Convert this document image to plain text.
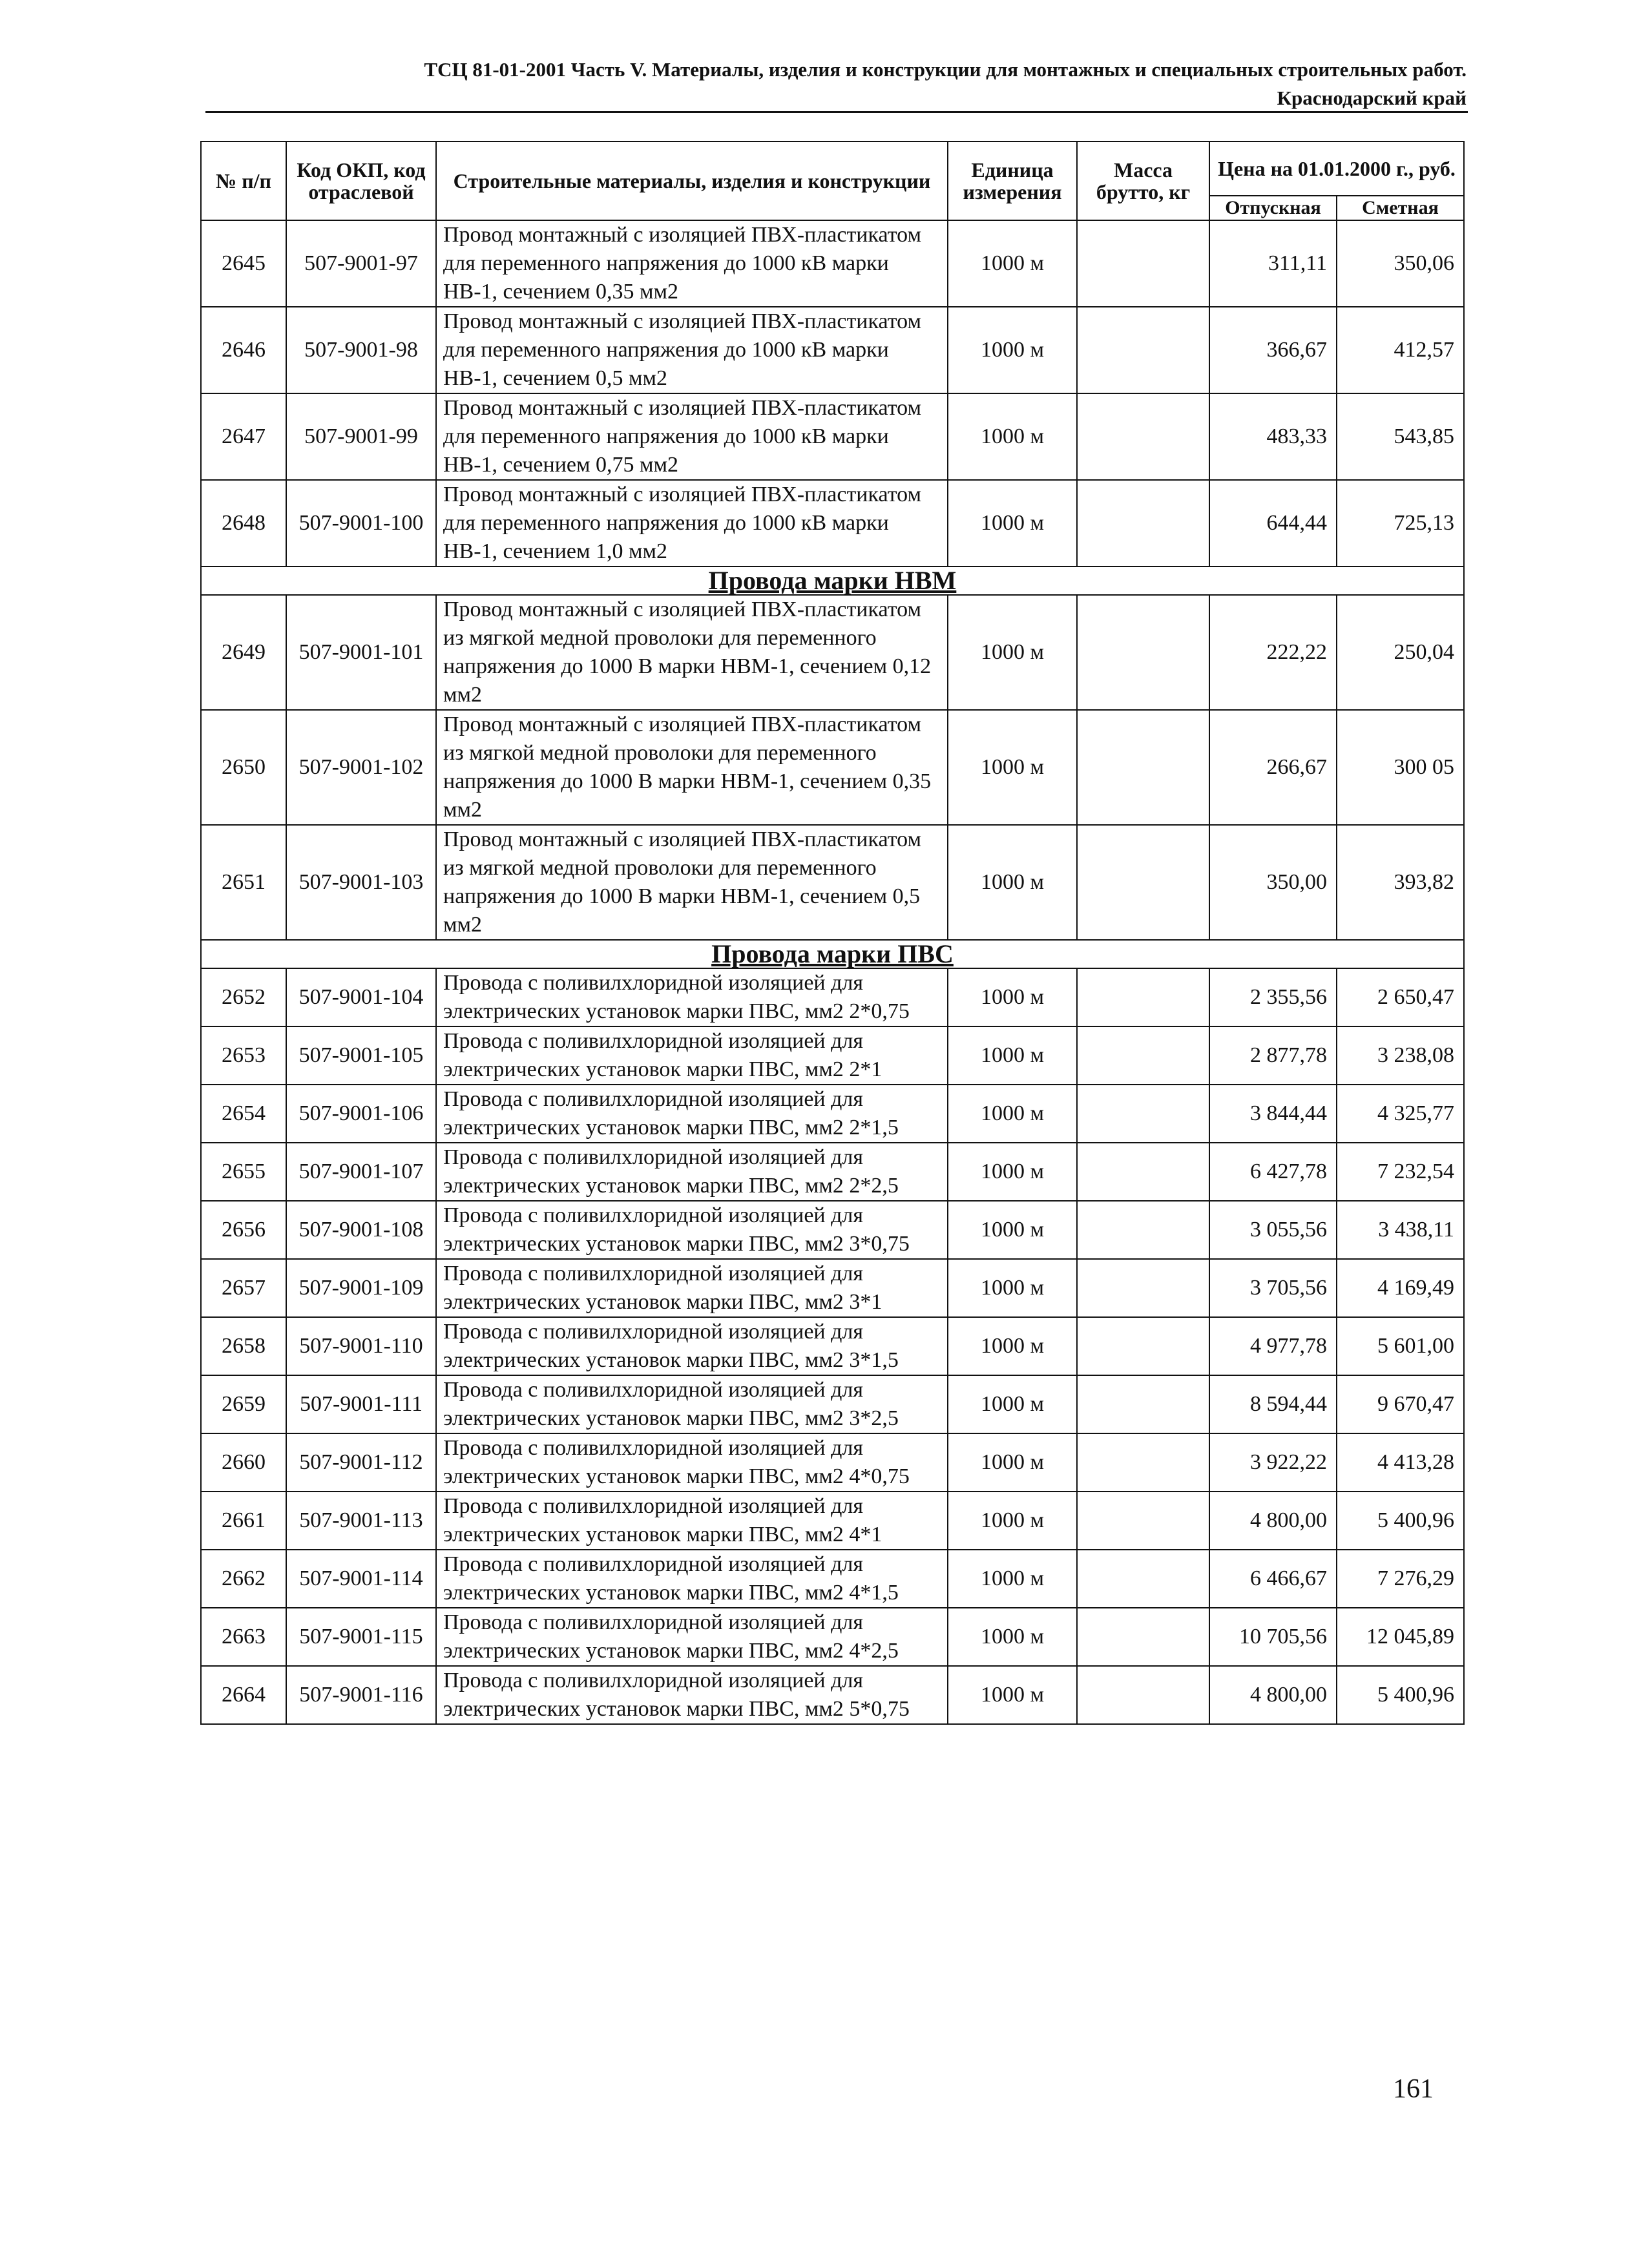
ТСЦ 81-01-2001 Часть V. Материалы, изделия и конструкции для монтажных и специальных строительных работ.
Краснодарский край
№ п/п	Код ОКП, код отраслевой	Строительные материалы, изделия и конструкции	Единица измерения	Масса брутто, кг	Цена на 01.01.2000 г., руб.	
					Отпускная	Сметная
2645	507-9001-97	Провод монтажный с изоляцией ПВХ-пластикатом для переменного напряжения до 1000 кВ марки НВ-1, сечением 0,35 мм2	1000 м		311,11	350,06
2646	507-9001-98	Провод монтажный с изоляцией ПВХ-пластикатом для переменного напряжения до 1000 кВ марки НВ-1, сечением 0,5 мм2	1000 м		366,67	412,57
2647	507-9001-99	Провод монтажный с изоляцией ПВХ-пластикатом для переменного напряжения до 1000 кВ марки НВ-1, сечением 0,75 мм2	1000 м		483,33	543,85
2648	507-9001-100	Провод монтажный с изоляцией ПВХ-пластикатом для переменного напряжения до 1000 кВ марки НВ-1, сечением 1,0 мм2	1000 м		644,44	725,13
Провода марки НВМ						
2649	507-9001-101	Провод монтажный с изоляцией ПВХ-пластикатом из мягкой медной проволоки для переменного напряжения до 1000 В марки НВМ-1, сечением 0,12 мм2	1000 м		222,22	250,04
2650	507-9001-102	Провод монтажный с изоляцией ПВХ-пластикатом из мягкой медной проволоки для переменного напряжения до 1000 В марки НВМ-1, сечением 0,35 мм2	1000 м		266,67	300 05
2651	507-9001-103	Провод монтажный с изоляцией ПВХ-пластикатом из мягкой медной проволоки для переменного напряжения до 1000 В марки НВМ-1, сечением 0,5 мм2	1000 м		350,00	393,82
Провода марки ПВС						
2652	507-9001-104	Провода с поливилхлоридной изоляцией для электрических установок марки ПВС, мм2 2*0,75	1000 м		2 355,56	2 650,47
2653	507-9001-105	Провода с поливилхлоридной изоляцией для электрических установок марки ПВС, мм2 2*1	1000 м		2 877,78	3 238,08
2654	507-9001-106	Провода с поливилхлоридной изоляцией для электрических установок марки ПВС, мм2 2*1,5	1000 м		3 844,44	4 325,77
2655	507-9001-107	Провода с поливилхлоридной изоляцией для электрических установок марки ПВС, мм2 2*2,5	1000 м		6 427,78	7 232,54
2656	507-9001-108	Провода с поливилхлоридной изоляцией для электрических установок марки ПВС, мм2 3*0,75	1000 м		3 055,56	3 438,11
2657	507-9001-109	Провода с поливилхлоридной изоляцией для электрических установок марки ПВС, мм2 3*1	1000 м		3 705,56	4 169,49
2658	507-9001-110	Провода с поливилхлоридной изоляцией для электрических установок марки ПВС, мм2 3*1,5	1000 м		4 977,78	5 601,00
2659	507-9001-111	Провода с поливилхлоридной изоляцией для электрических установок марки ПВС, мм2 3*2,5	1000 м		8 594,44	9 670,47
2660	507-9001-112	Провода с поливилхлоридной изоляцией для электрических установок марки ПВС, мм2 4*0,75	1000 м		3 922,22	4 413,28
2661	507-9001-113	Провода с поливилхлоридной изоляцией для электрических установок марки ПВС, мм2 4*1	1000 м		4 800,00	5 400,96
2662	507-9001-114	Провода с поливилхлоридной изоляцией для электрических установок марки ПВС, мм2 4*1,5	1000 м		6 466,67	7 276,29
2663	507-9001-115	Провода с поливилхлоридной изоляцией для электрических установок марки ПВС, мм2 4*2,5	1000 м		10 705,56	12 045,89
2664	507-9001-116	Провода с поливилхлоридной изоляцией для электрических установок марки ПВС, мм2 5*0,75	1000 м		4 800,00	5 400,96
161
